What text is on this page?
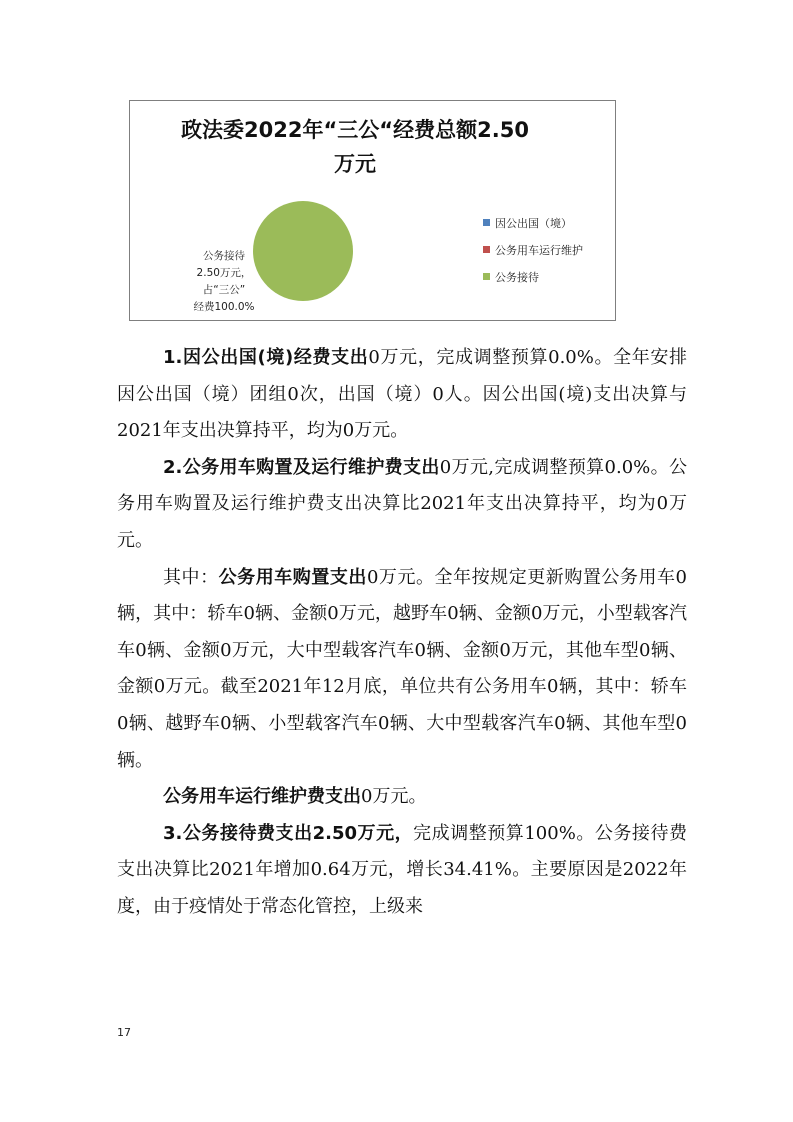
政法委2022年“三公“经费总额2.50
万元
公务接待
2.50万元，
占“三公”
经费100.0%
因公出国（境）
公务用车运行维护
公务接待

1.因公出国(境)经费支出0万元，完成调整预算0.0%。全年安排因公出国（境）团组0次，出国（境）0人。因公出国(境)支出决算与2021年支出决算持平，均为0万元。

2.公务用车购置及运行维护费支出0万元,完成调整预算0.0%。公务用车购置及运行维护费支出决算比2021年支出决算持平，均为0万元。

其中：公务用车购置支出0万元。全年按规定更新购置公务用车0辆，其中：轿车0辆、金额0万元，越野车0辆、金额0万元，小型载客汽车0辆、金额0万元，大中型载客汽车0辆、金额0万元，其他车型0辆、金额0万元。截至2021年12月底，单位共有公务用车0辆，其中：轿车0辆、越野车0辆、小型载客汽车0辆、大中型载客汽车0辆、其他车型0辆。

公务用车运行维护费支出0万元。

3.公务接待费支出2.50万元，完成调整预算100%。公务接待费支出决算比2021年增加0.64万元，增长34.41%。主要原因是2022年度，由于疫情处于常态化管控，上级来

17
